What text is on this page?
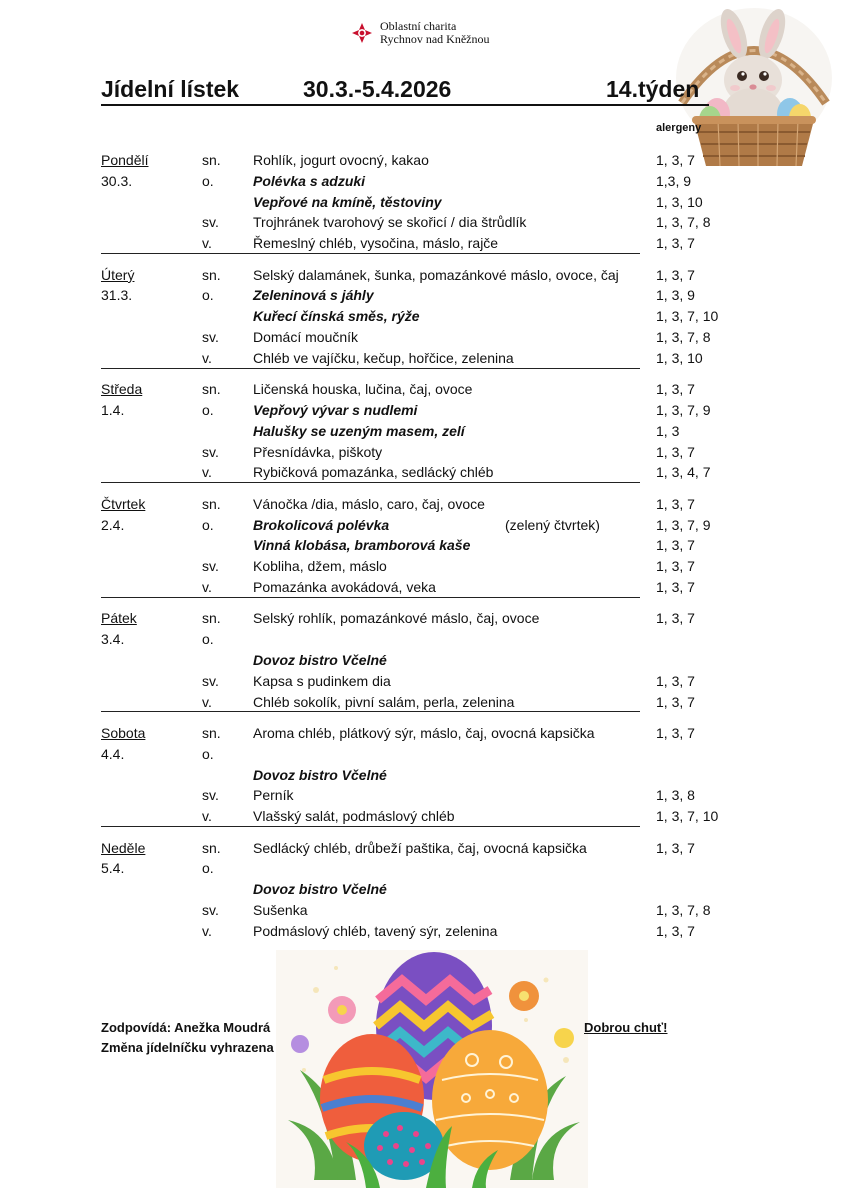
Oblastní charita
Rychnov nad Kněžnou
Jídelní lístek	30.3.-5.4.2026	14.týden
alergeny
Pondělí	sn. Rohlík, jogurt ovocný, kakao	1, 3, 7
30.3.	o.	Polévka s adzuki	1,3, 9
Vepřové na kmíně, těstoviny	1, 3, 10
sv. Trojhránek tvarohový se skořicí / dia štrůdlík	1, 3, 7, 8
v.	Řemeslný chléb, vysočina, máslo, rajče	1, 3, 7
Úterý	sn. Selský dalamánek, šunka, pomazánkové máslo, ovoce, čaj	1, 3, 7
31.3.	o.	Zeleninová s jáhly	1, 3, 9
Kuřecí čínská směs, rýže	1, 3, 7, 10
sv. Domácí moučník	1, 3, 7, 8
v.	Chléb ve vajíčku, kečup, hořčice, zelenina	1, 3, 10
Středa	sn. Ličenská houska, lučina, čaj, ovoce	1, 3, 7
1.4.	o.	Vepřový vývar s nudlemi	1, 3, 7, 9
Halušky se uzeným masem, zelí	1, 3
sv. Přesnídávka, piškoty	1, 3, 7
v.	Rybičková pomazánka, sedlácký chléb	1, 3, 4, 7
Čtvrtek	sn. Vánočka /dia, máslo, caro, čaj, ovoce	1, 3, 7
2.4.	o.	Brokolicová polévka	(zelený čtvrtek)	1, 3, 7, 9
Vinná klobása, bramborová kaše	1, 3, 7
sv. Kobliha, džem, máslo	1, 3, 7
v.	Pomazánka avokádová, veka	1, 3, 7
Pátek	sn. Selský rohlík, pomazánkové máslo, čaj, ovoce	1, 3, 7
3.4.	o.
Dovoz bistro Včelné
sv. Kapsa s pudinkem dia	1, 3, 7
v.	Chléb sokolík, pivní salám, perla, zelenina	1, 3, 7
Sobota	sn. Aroma chléb, plátkový sýr, máslo, čaj, ovocná kapsička	1, 3, 7
4.4.	o.
Dovoz bistro Včelné
sv. Perník	1, 3, 8
v.	Vlašský salát, podmáslový chléb	1, 3, 7, 10
Neděle	sn. Sedlácký chléb, drůbeží paštika, čaj, ovocná kapsička	1, 3, 7
5.4.	o.
Dovoz bistro Včelné
sv. Sušenka	1, 3, 7, 8
v.	Podmáslový chléb, tavený sýr, zelenina	1, 3, 7
Zodpovídá: Anežka Moudrá
Změna jídelníčku vyhrazena
Dobrou chuť!
